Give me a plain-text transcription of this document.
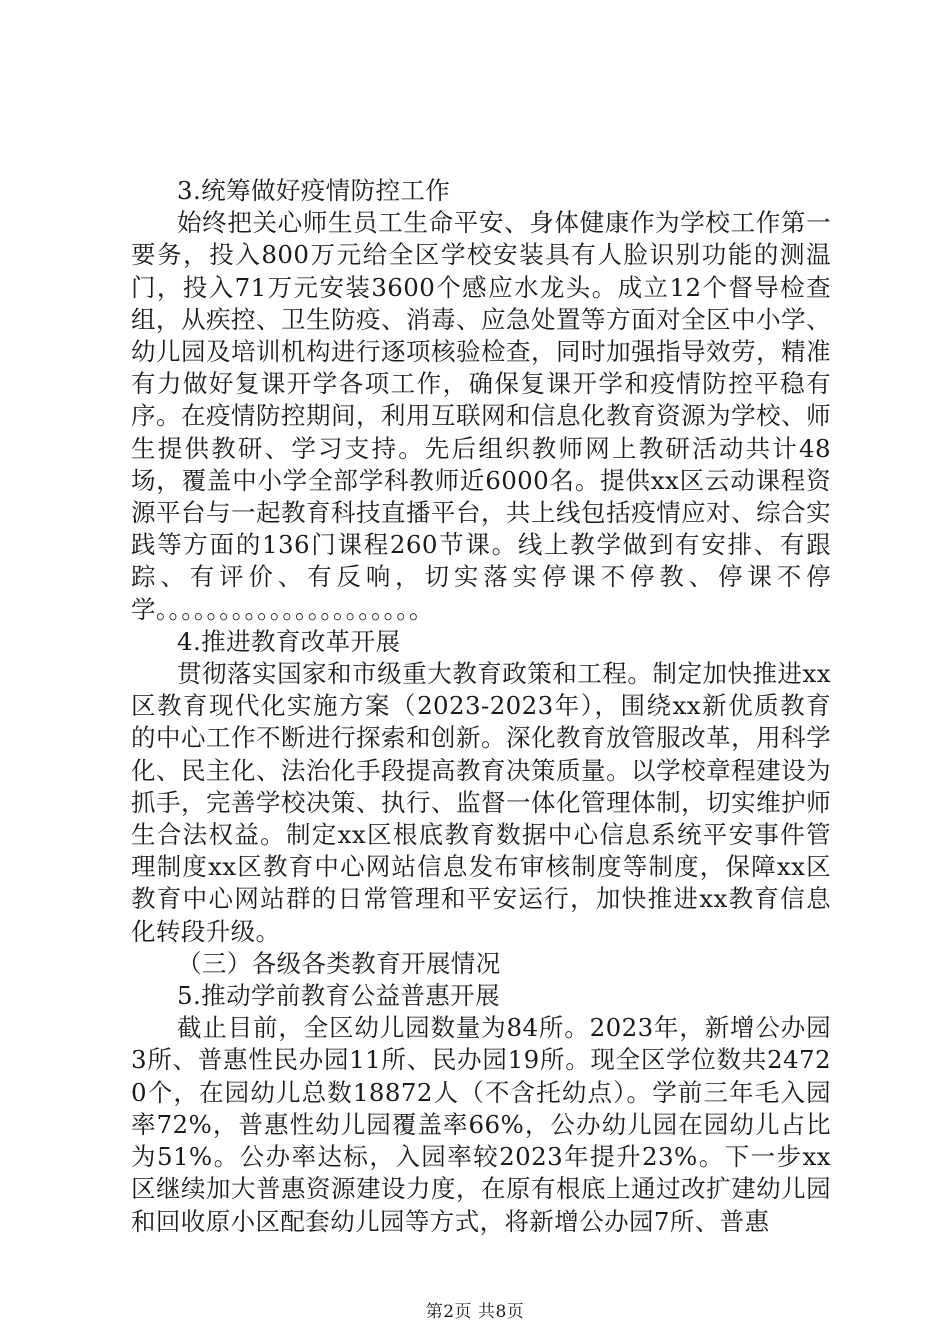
3.统筹做好疫情防控工作

始终把关心师生员工生命平安、身体健康作为学校工作第一要务，投入800万元给全区学校安装具有人脸识别功能的测温门，投入71万元安装3600个感应水龙头。成立12个督导检查组，从疾控、卫生防疫、消毒、应急处置等方面对全区中小学、幼儿园及培训机构进行逐项核验检查，同时加强指导效劳，精准有力做好复课开学各项工作，确保复课开学和疫情防控平稳有序。在疫情防控期间，利用互联网和信息化教育资源为学校、师生提供教研、学习支持。先后组织教师网上教研活动共计48场，覆盖中小学全部学科教师近6000名。提供xx区云动课程资源平台与一起教育科技直播平台，共上线包括疫情应对、综合实践等方面的136门课程260节课。线上教学做到有安排、有跟踪、有评价、有反响，切实落实停课不停教、停课不停学。。。。。。。。。。。。。。。。。。。。。

4.推进教育改革开展

贯彻落实国家和市级重大教育政策和工程。制定加快推进xx区教育现代化实施方案（2023-2023年），围绕xx新优质教育的中心工作不断进行探索和创新。深化教育放管服改革，用科学化、民主化、法治化手段提高教育决策质量。以学校章程建设为抓手，完善学校决策、执行、监督一体化管理体制，切实维护师生合法权益。制定xx区根底教育数据中心信息系统平安事件管理制度xx区教育中心网站信息发布审核制度等制度，保障xx区教育中心网站群的日常管理和平安运行，加快推进xx教育信息化转段升级。

（三）各级各类教育开展情况

5.推动学前教育公益普惠开展

截止目前，全区幼儿园数量为84所。2023年，新增公办园3所、普惠性民办园11所、民办园19所。现全区学位数共24720个，在园幼儿总数18872人（不含托幼点）。学前三年毛入园率72%，普惠性幼儿园覆盖率66%，公办幼儿园在园幼儿占比为51%。公办率达标，入园率较2023年提升23%。下一步xx区继续加大普惠资源建设力度，在原有根底上通过改扩建幼儿园和回收原小区配套幼儿园等方式，将新增公办园7所、普惠

第2页 共8页
